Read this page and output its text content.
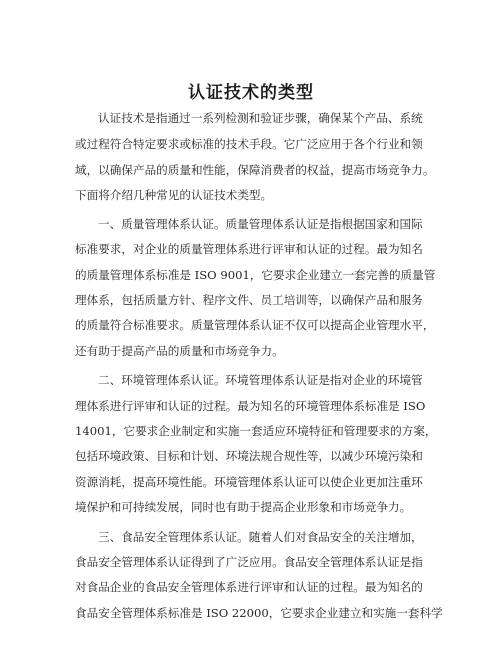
认证技术的类型
认证技术是指通过一系列检测和验证步骤，确保某个产品、系统
或过程符合特定要求或标准的技术手段。它广泛应用于各个行业和领
域，以确保产品的质量和性能，保障消费者的权益，提高市场竞争力。
下面将介绍几种常见的认证技术类型。
一、质量管理体系认证。质量管理体系认证是指根据国家和国际
标准要求，对企业的质量管理体系进行评审和认证的过程。最为知名
的质量管理体系标准是 ISO 9001，它要求企业建立一套完善的质量管
理体系，包括质量方针、程序文件、员工培训等，以确保产品和服务
的质量符合标准要求。质量管理体系认证不仅可以提高企业管理水平，
还有助于提高产品的质量和市场竞争力。
二、环境管理体系认证。环境管理体系认证是指对企业的环境管
理体系进行评审和认证的过程。最为知名的环境管理体系标准是 ISO
14001，它要求企业制定和实施一套适应环境特征和管理要求的方案，
包括环境政策、目标和计划、环境法规合规性等，以减少环境污染和
资源消耗，提高环境性能。环境管理体系认证可以使企业更加注重环
境保护和可持续发展，同时也有助于提高企业形象和市场竞争力。
三、食品安全管理体系认证。随着人们对食品安全的关注增加，
食品安全管理体系认证得到了广泛应用。食品安全管理体系认证是指
对食品企业的食品安全管理体系进行评审和认证的过程。最为知名的
食品安全管理体系标准是 ISO 22000，它要求企业建立和实施一套科学
